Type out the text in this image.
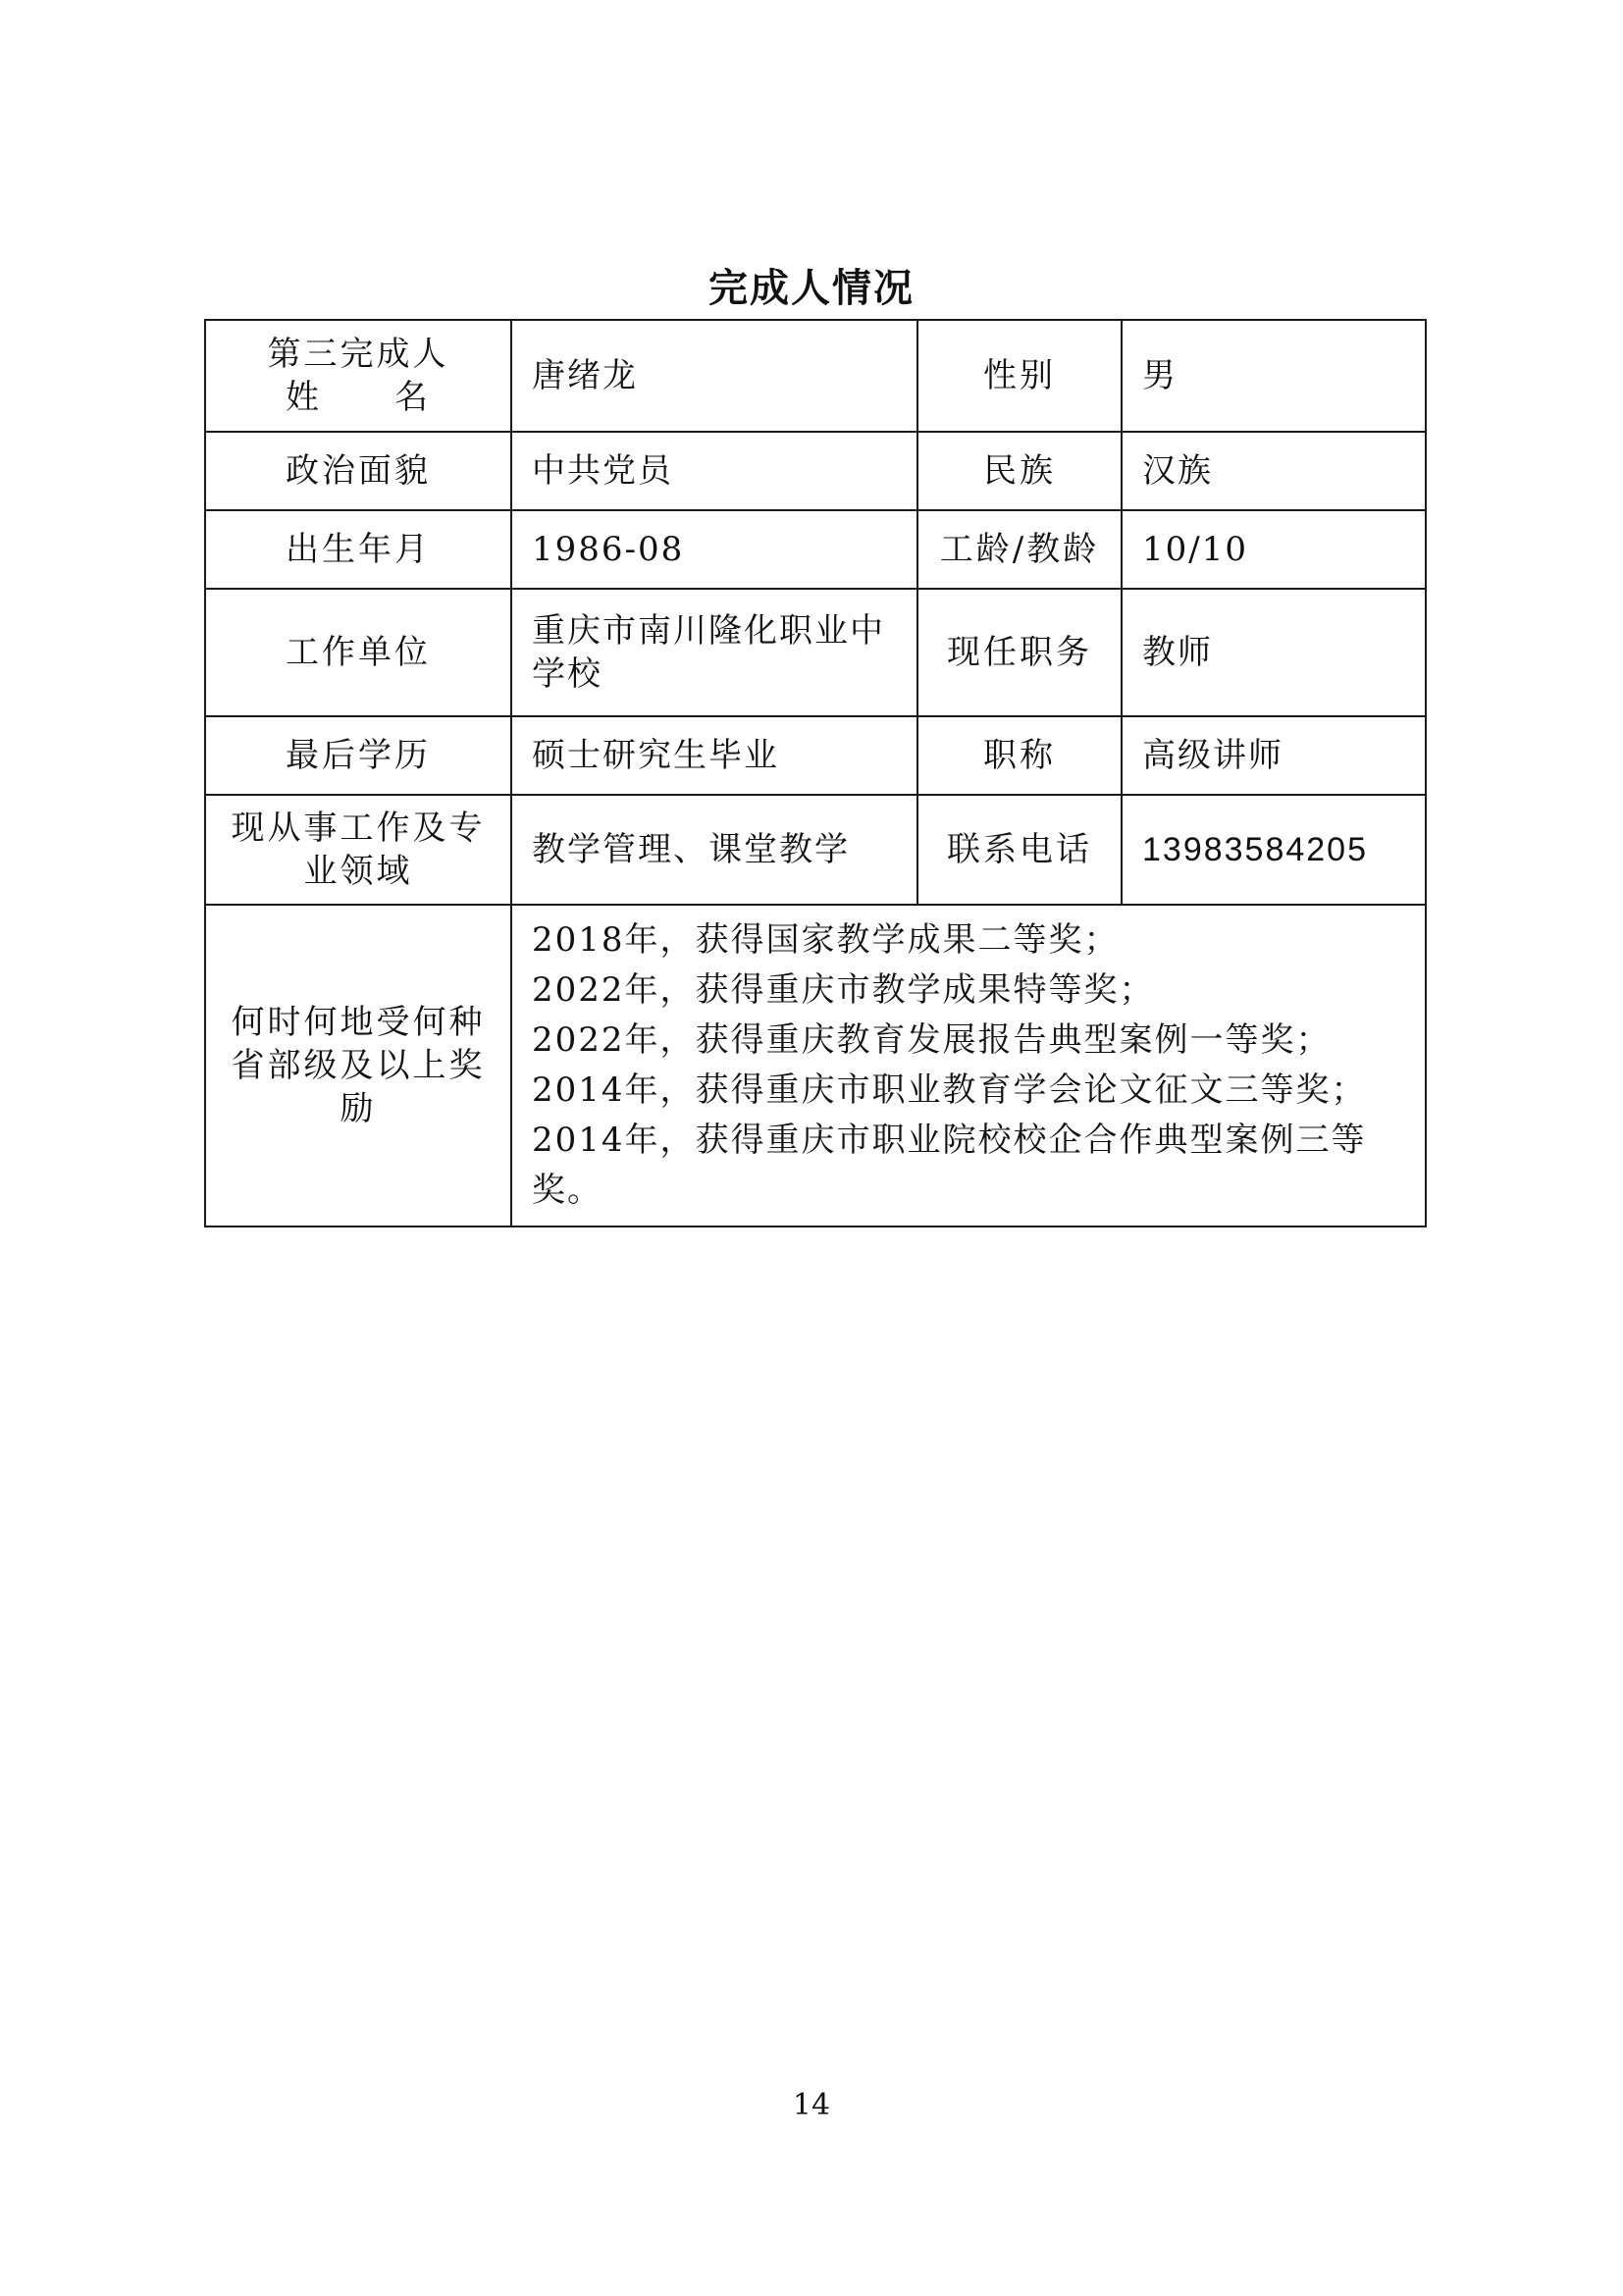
完成人情况
第三完成人
姓　　名	唐绪龙	性别	男
政治面貌	中共党员	民族	汉族
出生年月	1986-08	工龄/教龄	10/10
工作单位	重庆市南川隆化职业中学校	现任职务	教师
最后学历	硕士研究生毕业	职称	高级讲师
现从事工作及专业领域	教学管理、课堂教学	联系电话	13983584205
何时何地受何种省部级及以上奖励	2018年，获得国家教学成果二等奖；
2022年，获得重庆市教学成果特等奖；
2022年，获得重庆教育发展报告典型案例一等奖；
2014年，获得重庆市职业教育学会论文征文三等奖；
2014年，获得重庆市职业院校校企合作典型案例三等奖。		
14
